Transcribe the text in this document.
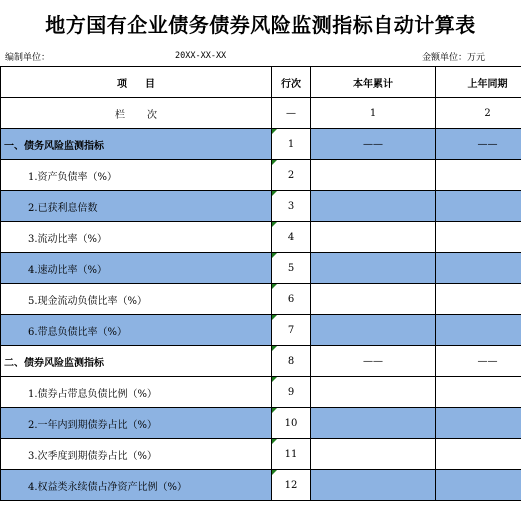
地方国有企业债务债券风险监测指标自动计算表
编制单位：	20XX-XX-XX	金额单位：万元
项目	行次	本年累计	上年同期
栏次	—	1	2
一、债务风险监测指标	1	——	——
1.资产负债率（%）	2		
2.已获利息倍数	3		
3.流动比率（%）	4		
4.速动比率（%）	5		
5.现金流动负债比率（%）	6		
6.带息负债比率（%）	7		
二、债券风险监测指标	8	——	——
1.债券占带息负债比例（%）	9		
2.一年内到期债券占比（%）	10		
3.次季度到期债券占比（%）	11		
4.权益类永续债占净资产比例（%）	12		
